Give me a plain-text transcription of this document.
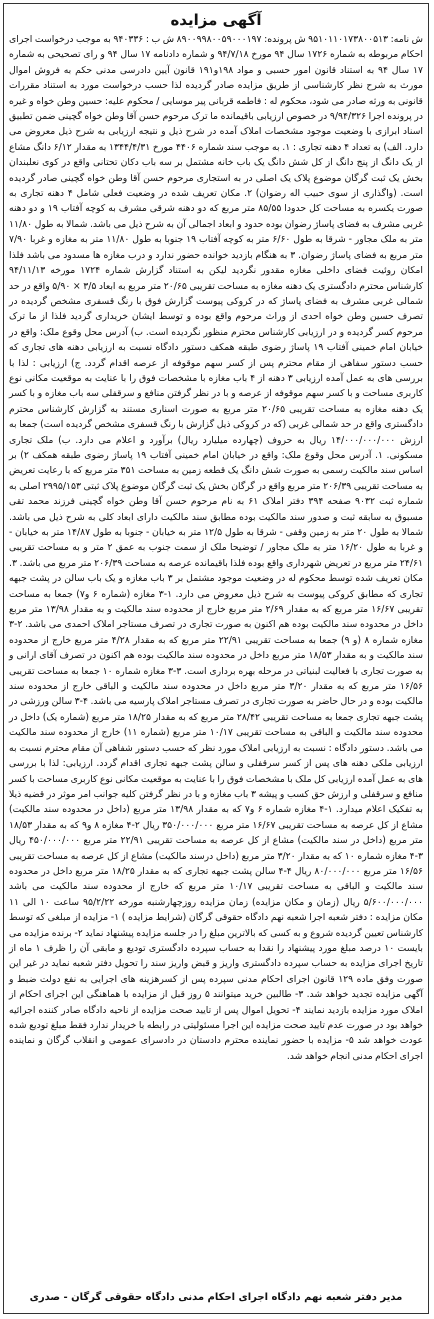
آگهی مزایده

ش نامه: ۹۵۱۰۱۱۰۱۷۳۸۰۰۵۱۳ ش پرونده: ۸۹۰۰۹۹۸۰۰۵۹۰۰۰۱۹۷ ش ب : ۹۴۰۳۳۶ به موجب درخواست اجرای احکام مربوطه به شماره ۱۷۲۶ سال ۹۴ مورخ ۹۴/۷/۱۸ و شماره دادنامه ۱۷ سال ۹۴ و رای تصحیحی به شماره ۱۷ سال ۹۴ به استناد قانون امور حسبی و مواد ۱۹۸و۱۹۱ قانون آیین دادرسی مدنی حکم به فروش اموال مورث به شرح نظر کارشناسی از طریق مزایده صادر گردیده لذا حسب درخواست مورد به استناد مقررات قانونی به ورثه صادر می شود، محکوم له : فاطمه قربانی پیر موسایی / محکوم علیه: حسین وطن خواه و غیره در پرونده اجرا ۹/۹۴/۳۲۶ در خصوص ارزیابی باقیمانده ما ترک مرحوم حسن آقا وطن خواه گچینی ضمن تطبیق اسناد ابرازی با وضعیت موجود مشخصات املاک آمده در شرح ذیل و نتیجه ارزیابی به شرح ذیل معروض می دارد. الف) به تعداد ۴ دهنه تجاری : ۱. به موجب سند شماره ۴۴۰۶ مورخ ۱۳۴۴/۴/۳۱ به مقدار ۶/۱۲ دانگ مشاع از یک دانگ از پنج دانگ از کل شش دانگ یک باب خانه مشتمل بر سه باب دکان تحتانی واقع در کوی نعلبندان بخش یک ثبت گرگان موضوع پلاک یک اصلی در به استجاری مرحوم حسن آقا وطن خواه گچینی صادر گردیده است. (واگذاری از سوی حبیب اله رضوان) ۲. مکان تعریف شده در وضعیت فعلی شامل ۴ دهنه تجاری به صورت یکسره به مساحت کل حدودا ۸۵/۵۵ متر مربع که دو دهنه شرقی مشرف به کوچه آفتاب ۱۹ و دو دهنه غربی مشرف به فضای پاساژ رضوان بوده حدود و ابعاد اجمالی آن به شرح ذیل می باشد. شمالا به طول ۱۱/۸۰ متر به ملک مجاور - شرقا به طول ۶/۶۰ متر به کوچه آفتاب ۱۹ جنوبا به طول ۱۱/۸۰ متر به مغازه و غربا ۷/۹۰ متر مربع به فضای پاساژ رضوان. ۳ به هنگام بازدید خوانده حضور ندارد و درب مغازه ها مسدود می باشد فلذا امکان روئیت فضای داخلی مغازه مقدور نگردید لیکن به استناد گزارش شماره ۱۷۲۴ مورخه ۹۴/۱۱/۱۳ کارشناس محترم دادگستری یک دهنه مغازه به مساحت تقریبی ۲۰/۶۵ متر مربع به ابعاد ۳/۵ × ۵/۹۰ واقع در حد شمالی غربی مشرف به فضای پاساژ که در کروکی پیوست گزارش فوق با رنگ قسفری مشخص گردیده در تصرف حسین وطن خواه احدی از وراث مرحوم واقع بوده و توسط ایشان خریداری گردید فلذا از ما ترک مرحوم کسر گردیده و در ارزیابی کارشناس محترم منظور نگردیده است. ب) آدرس محل وقوع ملک: واقع در خیابان امام خمینی آفتاب ۱۹ پاساژ رضوی طبقه همکف دستور دادگاه نسبت به ارزیابی دهنه های تجاری که حسب دستور سفاهی از مقام محترم پس از کسر سهم موقوفه از عرصه اقدام گردد. ج) ارزیابی : لذا با بررسی های به عمل آمده ارزیابی ۳ دهنه از ۴ باب مغازه با مشخصات فوق را با عنایت به موقعیت مکانی نوع کاربری مساحت و با کسر سهم موقوفه از عرصه و با در نظر گرفتن منافع و سرقفلی سه باب مغازه و با کسر یک دهنه مغازه به مساحت تقریبی ۲۰/۶۵ متر مربع به صورت اسناری مستند به گزارش کارشناس محترم دادگستری واقع در حد شمالی غربی (که در کروکی ذیل گزارش با رنگ قسفری مشخص گردیده است) جمعا به ارزش ۱۴/۰۰۰/۰۰۰/۰۰۰ ریال به حروف (چهارده میلیارد ریال) برآورد و اعلام می دارد. ب) ملک تجاری مسکونی. ۱. آدرس محل وقوع ملک: واقع در خیابان امام خمینی آفتاب ۱۹ پاساژ رضوی طبقه همکف ۲) بر اساس سند مالکیت رسمی به صورت شش دانگ یک قطعه زمین به مساحت ۳۵۱ متر مربع که با رعایت تعریض به مساحت تقریبی ۲۰۶/۳۹ متر مربع واقع در گرگان بخش یک ثبت گرگان موضوع پلاک ثبتی ۲۹۹۵/۱۵۳ اصلی به شماره ثبت ۹۰۳۲ صفحه ۳۹۴ دفتر املاک ۶۱ به نام مرحوم حسن آقا وطن خواه گچینی فرزند محمد تقی مسبوق به سابقه ثبت و صدور سند مالکیت بوده مطابق سند مالکیت دارای ابعاد کلی به شرح ذیل می باشد. شمالا به طول ۲۰ متر به زمین وقفی - شرقا به طول ۱۲/۵ متر به خیابان - جنوبا به طول ۱۴/۸۷ متر به خیابان - و غربا به طول ۱۶/۲۰ متر به ملک مجاور / توضیحا ملک از سمت جنوب به عمق ۲ متر و به مساحت تقریبی ۲۴/۶۱ متر مربع در تعریض شهرداری واقع بوده فلذا باقیمانده عرصه به مساحت ۲۰۶/۳۹ متر مربع می باشد. ۳. مکان تعریف شده توسط محکوم له در وضعیت موجود مشتمل بر ۳ باب مغازه و یک باب سالن در پشت جبهه تجاری که مطابق کروکی پیوست به شرح ذیل معروض می دارد. ۱-۳ مغازه (شماره ۶ و۷) جمعا به مساحت تقریبی ۱۶/۶۷ متر مربع که به مقدار ۲/۶۹ متر مربع خارج از محدوده سند مالکیت و به مقدار ۱۳/۹۸ متر مربع داخل در محدوده سند مالکیت بوده هم اکنون به صورت تجاری در تصرف مستاجر املاک احمدی می باشد. ۲-۳ مغازه شماره ۸ (و ۹) جمعا به مساحت تقریبی ۲۲/۹۱ متر مربع که به مقدار ۴/۲۸ متر مربع خارج از محدوده سند مالکیت و به مقدار ۱۸/۵۳ متر مربع داخل در محدوده سند مالکیت بوده هم اکنون در تصرف آقای ارانی و به صورت تجاری با فعالیت لبنیاتی در مرحله بهره برداری است. ۳-۳ مغازه شماره ۱۰ جمعا به مساحت تقریبی ۱۶/۵۶ متر مربع که به مقدار ۳/۲۰ متر مربع داخل در محدوده سند مالکیت و الباقی خارج از محدوده سند مالکیت بوده و در حال حاضر به صورت تجاری در تصرف مستاجر املاک پارسیه می باشد. ۴-۳ سالن ورزشی در پشت جبهه تجاری جمعا به مساحت تقریبی ۲۸/۴۲ متر مربع که به مقدار ۱۸/۲۵ متر مربع (شماره یک) داخل در محدوده سند مالکیت و الباقی به مساحت تقریبی ۱۰/۱۷ متر مربع (شماره ۱۱) خارج از محدوده سند مالکیت می باشد. دستور دادگاه : نسبت به ارزیابی املاک مورد نظر که حسب دستور شفاهی آن مقام محترم نسبت به ارزیابی ملکی دهنه های پس از کسر سرقفلی و سالن پشت جبهه تجاری اقدام گردد. ارزیابی: لذا با بررسی های به عمل آمده ارزیابی کل ملک با مشخصات فوق را با عنایت به موقعیت مکانی نوع کاربری مساحت با کسر منافع و سرقفلی و ارزش حق کسب و پیشه ۳ باب مغازه و با در نظر گرفتن کلیه جوانب امر موثر در قضیه ذیلا به تفکیک اعلام میدارد. ۱-۴ مغازه شماره ۶ و۷ که به مقدار ۱۳/۹۸ متر مربع (داخل در محدوده سند مالکیت) مشاع از کل عرصه به مساحت تقریبی ۱۶/۶۷ متر مربع ۳۵۰/۰۰۰/۰۰۰ ریال ۲-۴ مغازه ۸ و۹ که به مقدار ۱۸/۵۳ متر مربع (داخل در سند مالکیت) مشاع از کل عرصه به مساحت تقریبی ۲۲/۹۱ متر مربع ۴۵۰/۰۰۰/۰۰۰ ریال ۳-۴ مغازه شماره ۱۰ که به مقدار ۳/۲۰ متر مربع (داخل درسند مالکیت) مشاع از کل عرصه به مساحت تقریبی ۱۶/۵۶ متر مربع ۸۰/۰۰۰/۰۰۰ ریال ۴-۴ سالن پشت جبهه تجاری که به مقدار ۱۸/۲۵ متر مربع داخل در محدوده سند مالکیت و الباقی به مساحت تقریبی ۱۰/۱۷ متر مربع که خارج از محدوده سند مالکیت می باشد ۵/۶۰۰/۰۰۰/۰۰۰ ریال (زمان و مکان مزایده) زمان مزایده روزچهارشنبه مورخه ۹۵/۲/۲۲ ساعت ۱۰ الی ۱۱ مکان مزایده : دفتر شعبه اجرا شعبه نهم دادگاه حقوقی گرگان (شرایط مزایده ) ۱- مزایده از مبلغی که توسط کارشناس تعیین گردیده شروع و به کسی که بالاترین مبلغ را در جلسه مزایده پیشنهاد نماید ۲- برنده مزایده می بایست ۱۰ درصد مبلغ مورد پیشنهاد را نقدا به حساب سپرده دادگستری تودیع و مابقی آن را ظرف ۱ ماه از تاریخ اجرای مزایده به حساب سپرده دادگستری واریز و قبض واریز سند را تحویل دفتر شعبه نماید در غیر این صورت وفق ماده ۱۲۹ قانون اجرای احکام مدنی سپرده پس از کسرهزینه های اجرایی به نفع دولت ضبط و آگهی مزایده تجدید خواهد شد. ۳- طالبین خرید میتوانند ۵ روز قبل از مزایده با هماهنگی این اجرای احکام از املاک مورد مزایده بازدید نمایند ۴- تحویل اموال پس از تایید صحت مزایده از ناحیه دادگاه صادر کننده اجرائیه خواهد بود در صورت عدم تایید صحت مزایده این اجرا مسئولیتی در رابطه با خریدار ندارد فقط مبلغ تودیع شده عودت خواهد شد ۵- مزایده با حضور نماینده محترم دادستان در دادسرای عمومی و انقلاب گرگان و نماینده اجرای احکام مدنی انجام خواهد شد.

مدیر دفتر شعبه نهم دادگاه اجرای احکام مدنی دادگاه حقوقی گرگان - صدری
